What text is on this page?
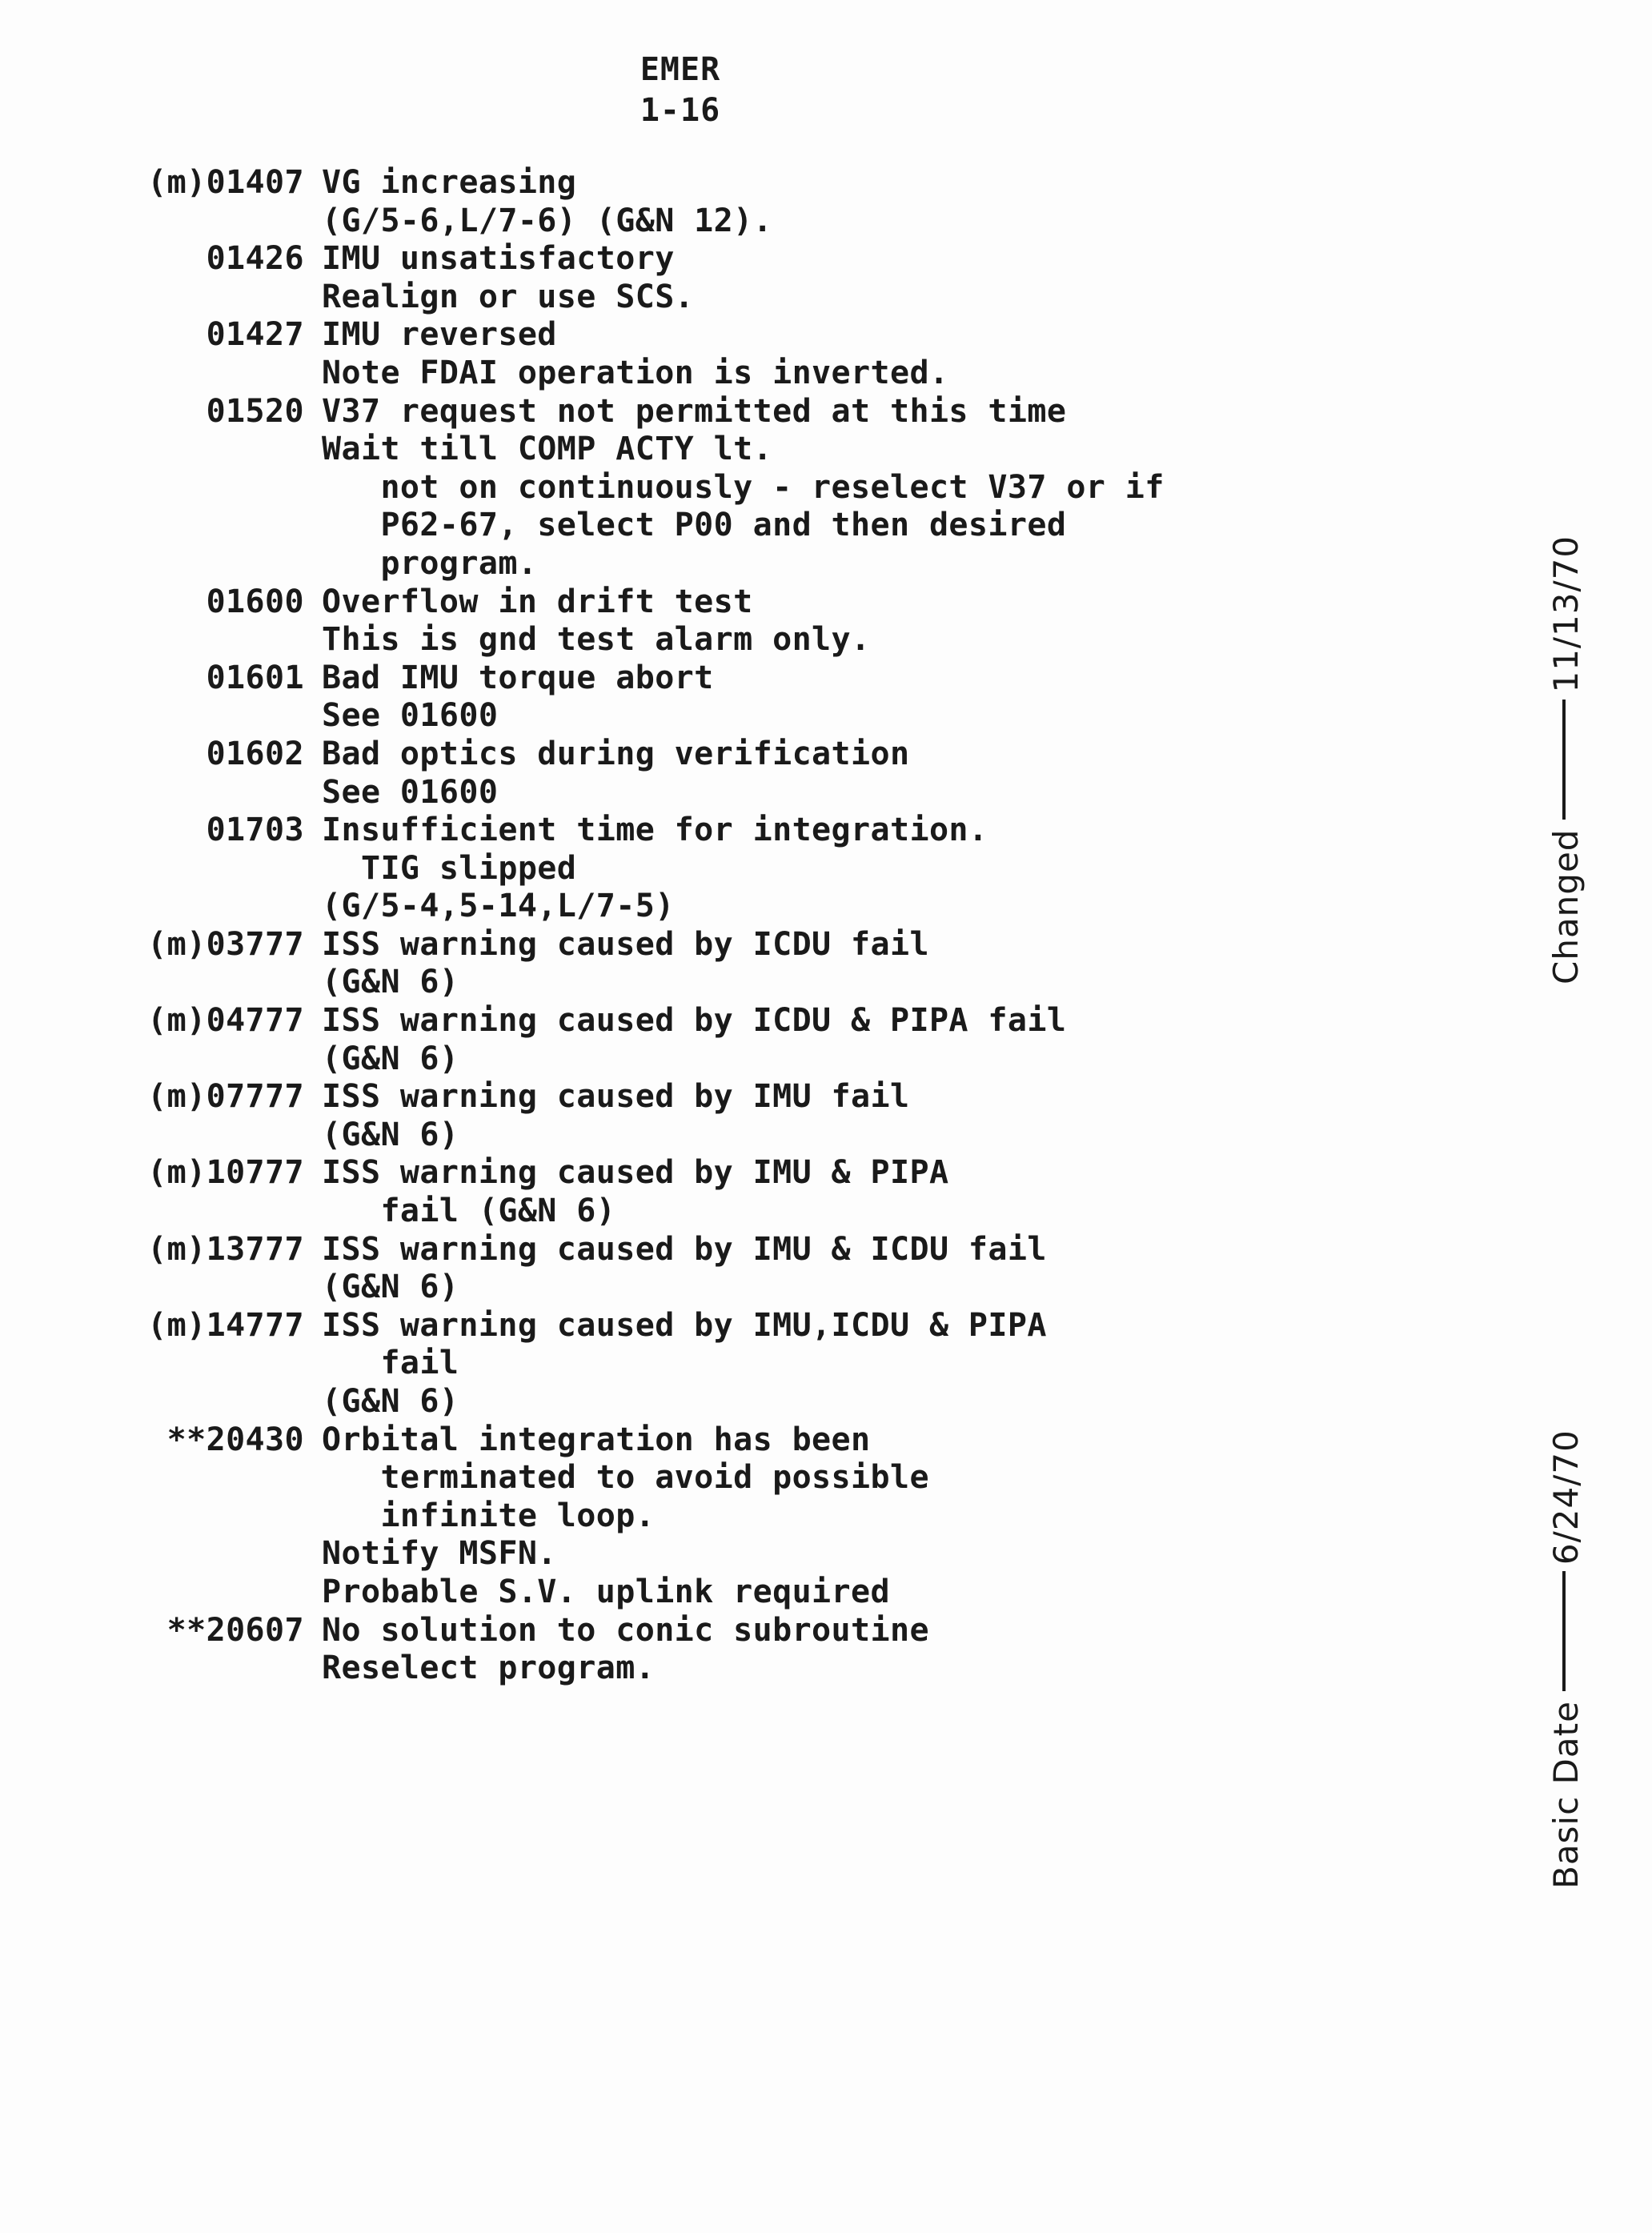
EMER
1-16
(m)01407 VG increasing
(G/5-6,L/7-6) (G&N 12).
01426 IMU unsatisfactory
Realign or use SCS.
01427 IMU reversed
Note FDAI operation is inverted.
01520 V37 request not permitted at this time
Wait till COMP ACTY lt.
not on continuously - reselect V37 or if
P62-67, select P00 and then desired
program.
01600 Overflow in drift test
This is gnd test alarm only.
01601 Bad IMU torque abort
See 01600
01602 Bad optics during verification
See 01600
01703 Insufficient time for integration.
TIG slipped
(G/5-4,5-14,L/7-5)
(m)03777 ISS warning caused by ICDU fail
(G&N 6)
(m)04777 ISS warning caused by ICDU & PIPA fail
(G&N 6)
(m)07777 ISS warning caused by IMU fail
(G&N 6)
(m)10777 ISS warning caused by IMU & PIPA
fail (G&N 6)
(m)13777 ISS warning caused by IMU & ICDU fail
(G&N 6)
(m)14777 ISS warning caused by IMU,ICDU & PIPA
fail
(G&N 6)
**20430 Orbital integration has been
terminated to avoid possible
infinite loop.
Notify MSFN.
Probable S.V. uplink required
**20607 No solution to conic subroutine
Reselect program.
Changed11/13/70
Basic Date6/24/70
